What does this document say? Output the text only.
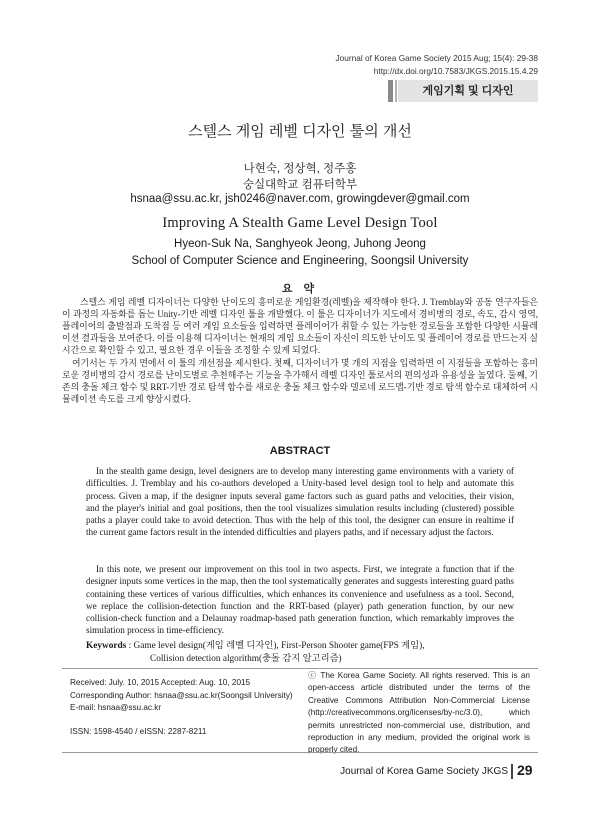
Journal of Korea Game Society 2015 Aug; 15(4): 29-38
http://dx.doi.org/10.7583/JKGS.2015.15.4.29
게임기획 및 디자인
스텔스 게임 레벨 디자인 툴의 개선
나현숙, 정상혁, 정주홍
숭실대학교 컴퓨터학부
hsnaa@ssu.ac.kr, jsh0246@naver.com, growingdever@gmail.com
Improving A Stealth Game Level Design Tool
Hyeon-Suk Na, Sanghyeok Jeong, Juhong Jeong
School of Computer Science and Engineering, Soongsil University
요 약
스텔스 게임 레벨 디자이너는 다양한 난이도의 흥미로운 게임환경(레벨)을 제작해야 한다. J. Tremblay와 공동 연구자들은 이 과정의 자동화를 돕는 Unity-기반 레벨 디자인 툴을 개발했다. 이 툴은 디자이너가 지도에서 경비병의 경로, 속도, 감시 영역, 플레이어의 출발점과 도착점 등 여러 게임 요소들을 입력하면 플레이어가 취할 수 있는 가능한 경로들을 포함한 다양한 시뮬레이션 결과들을 보여준다. 이를 이용해 디자이너는 현재의 게임 요소들이 자신이 의도한 난이도 및 플레이어 경로를 만드는지 실시간으로 확인할 수 있고, 필요한 경우 이들을 조정할 수 있게 되었다.
여기서는 두 가지 면에서 이 툴의 개선점을 제시한다. 첫째, 디자이너가 몇 개의 지점을 입력하면 이 지점들을 포함하는 흥미로운 경비병의 감시 경로를 난이도별로 추천해주는 기능을 추가해서 레벨 디자인 툴로서의 편의성과 유용성을 높였다. 둘째, 기존의 충돌 체크 함수 및 RRT-기반 경로 탐색 함수를 새로운 충돌 체크 함수와 델로네 로드맵-기반 경로 탐색 함수로 대체하여 시뮬레이션 속도를 크게 향상시켰다.
ABSTRACT
In the stealth game design, level designers are to develop many interesting game environments with a variety of difficulties. J. Tremblay and his co-authors developed a Unity-based level design tool to help and automate this process. Given a map, if the designer inputs several game factors such as guard paths and velocities, their vision, and the player's initial and goal positions, then the tool visualizes simulation results including (clustered) possible paths a player could take to avoid detection. Thus with the help of this tool, the designer can ensure in realtime if the current game factors result in the intended difficulties and players paths, and if necessary adjust the factors.
In this note, we present our improvement on this tool in two aspects. First, we integrate a function that if the designer inputs some vertices in the map, then the tool systematically generates and suggests interesting guard paths containing these vertices of various difficulties, which enhances its convenience and usefulness as a tool. Second, we replace the collision-detection function and the RRT-based (player) path generation function, by our new collision-check function and a Delaunay roadmap-based path generation function, which remarkably improves the simulation process in time-efficiency.
Keywords : Game level design(게임 레벨 디자인), First-Person Shooter game(FPS 게임),
Collision detection algorithm(충돌 감지 알고리즘)
Received: July. 10, 2015 Accepted: Aug. 10, 2015
Corresponding Author: hsnaa@ssu.ac.kr(Soongsil University)
E-mail: hsnaa@ssu.ac.kr
ISSN: 1598-4540 / eISSN: 2287-8211
ⓒ The Korea Game Society. All rights reserved. This is an open-access article distributed under the terms of the Creative Commons Attribution Non-Commercial License (http://creativecommons.org/licenses/by-nc/3.0), which permits unrestricted non-commercial use, distribution, and reproduction in any medium, provided the original work is properly cited.
Journal of Korea Game Society JKGS 29
